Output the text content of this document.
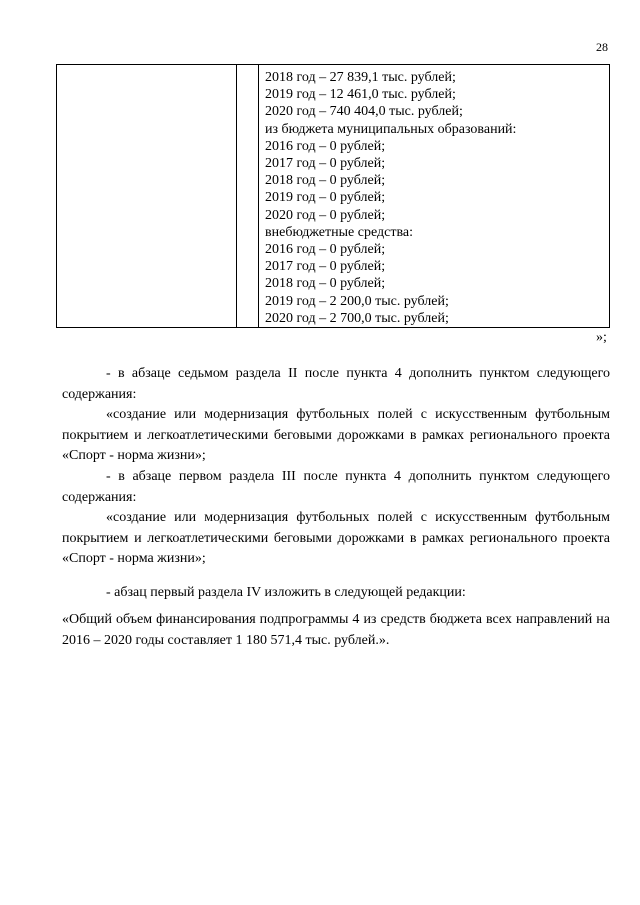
28
2018 год – 27 839,1 тыс. рублей;
2019 год – 12 461,0 тыс. рублей;
2020 год – 740 404,0 тыс. рублей;
из бюджета муниципальных образований:
2016 год – 0 рублей;
2017 год – 0 рублей;
2018 год – 0 рублей;
2019 год – 0 рублей;
2020 год – 0 рублей;
внебюджетные средства:
2016 год – 0 рублей;
2017 год – 0 рублей;
2018 год – 0 рублей;
2019 год – 2 200,0 тыс. рублей;
2020 год – 2 700,0 тыс. рублей;
»;

- в абзаце седьмом раздела II после пункта 4 дополнить пунктом следующего содержания:

«создание или модернизация футбольных полей с искусственным футбольным покрытием и легкоатлетическими беговыми дорожками в рамках регионального проекта «Спорт - норма жизни»;

- в абзаце первом раздела III после пункта 4 дополнить пунктом следующего содержания:

«создание или модернизация футбольных полей с искусственным футбольным покрытием и легкоатлетическими беговыми дорожками в рамках регионального проекта «Спорт - норма жизни»;

- абзац первый раздела IV изложить в следующей редакции:

«Общий объем финансирования подпрограммы 4 из средств бюджета всех направлений на 2016 – 2020 годы составляет 1 180 571,4 тыс. рублей.».
